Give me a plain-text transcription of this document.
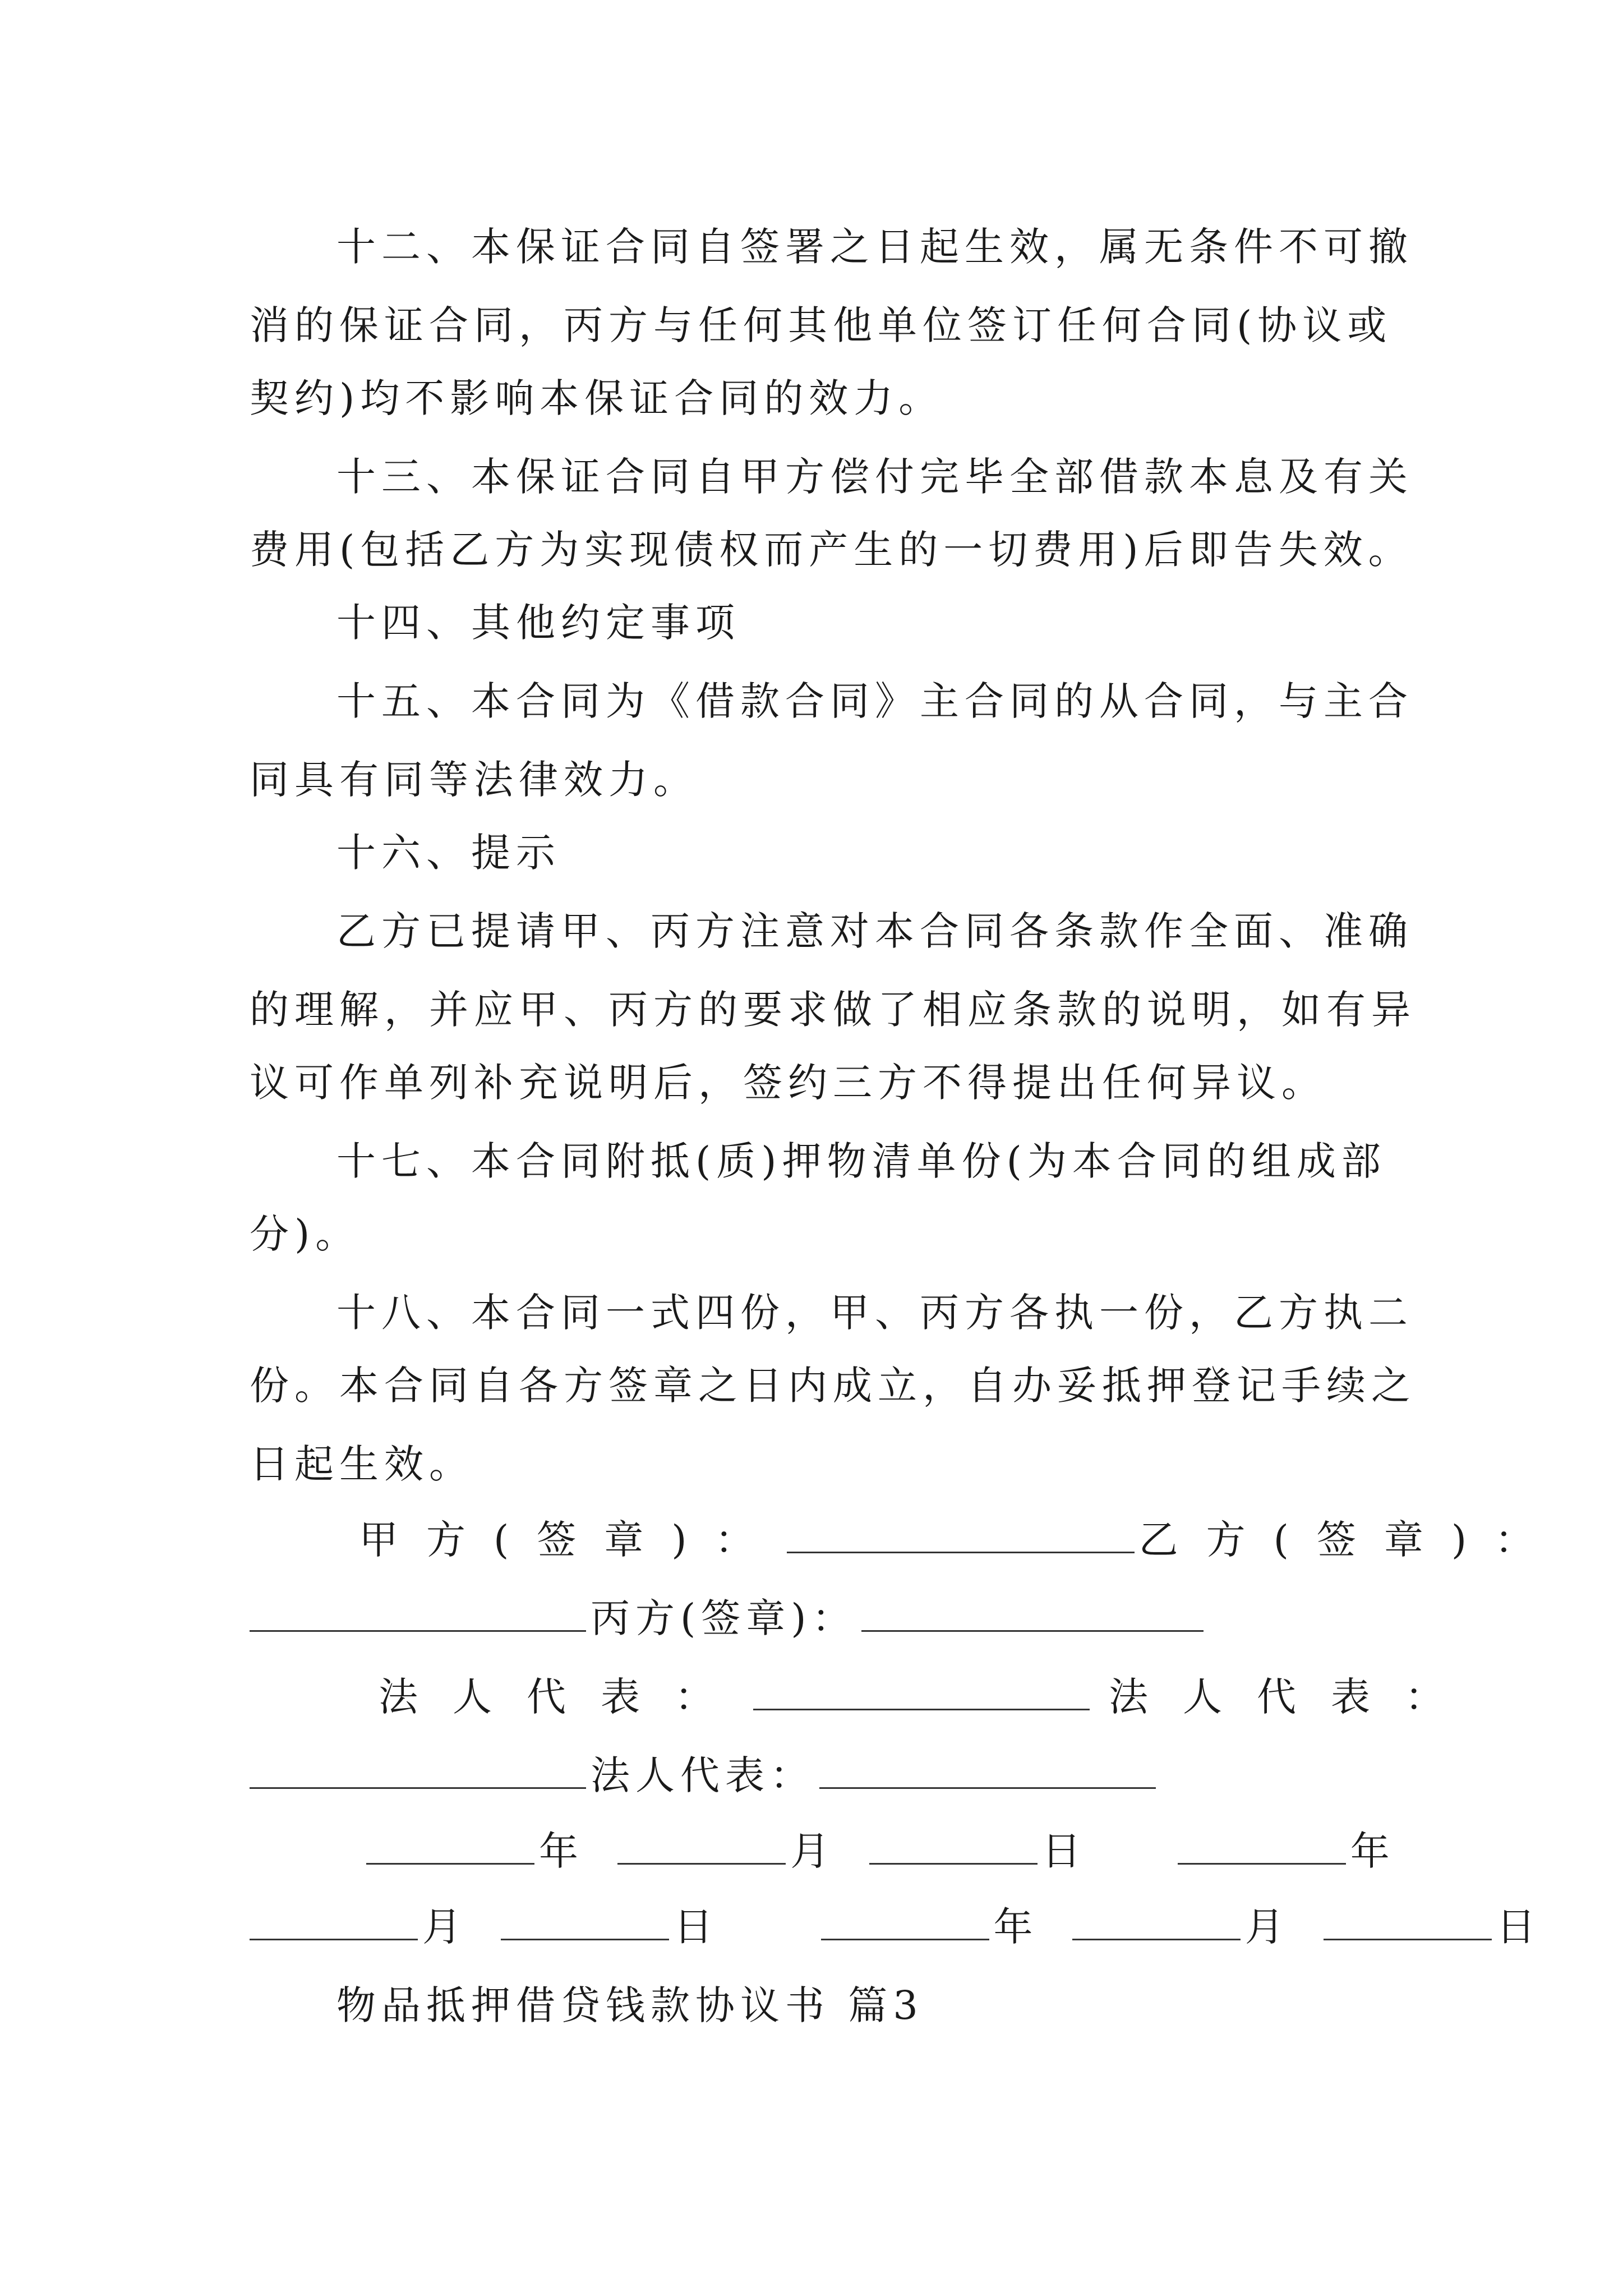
十二、本保证合同自签署之日起生效，属无条件不可撤
消的保证合同，丙方与任何其他单位签订任何合同(协议或
契约)均不影响本保证合同的效力。
十三、本保证合同自甲方偿付完毕全部借款本息及有关
费用(包括乙方为实现债权而产生的一切费用)后即告失效。
十四、其他约定事项
十五、本合同为《借款合同》主合同的从合同，与主合
同具有同等法律效力。
十六、提示
乙方已提请甲、丙方注意对本合同各条款作全面、准确
的理解，并应甲、丙方的要求做了相应条款的说明，如有异
议可作单列补充说明后，签约三方不得提出任何异议。
十七、本合同附抵(质)押物清单份(为本合同的组成部
分)。
十八、本合同一式四份，甲、丙方各执一份，乙方执二
份。本合同自各方签章之日内成立，自办妥抵押登记手续之
日起生效。
甲方(签章)：	乙方(签章)：
丙方(签章)：
法人代表：	法人代表：
法人代表：
年	月	日	年
月	日	年	月	日
物品抵押借贷钱款协议书 篇3
